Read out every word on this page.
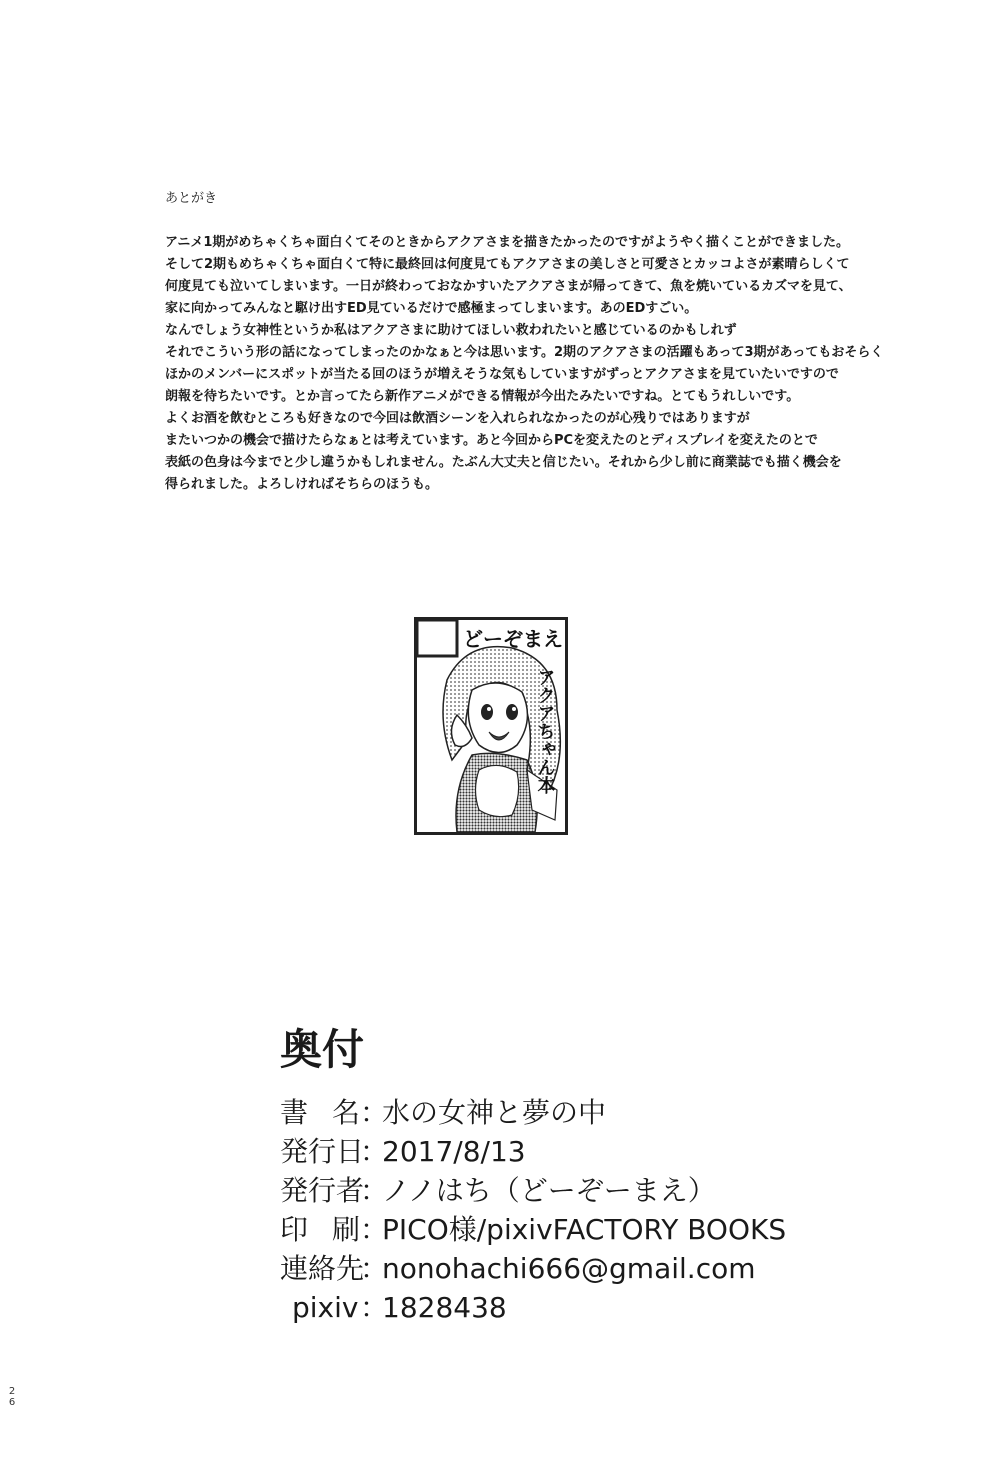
あとがき
アニメ1期がめちゃくちゃ面白くてそのときからアクアさまを描きたかったのですがようやく描くことができました。
そして2期もめちゃくちゃ面白くて特に最終回は何度見てもアクアさまの美しさと可愛さとカッコよさが素晴らしくて
何度見ても泣いてしまいます。一日が終わっておなかすいたアクアさまが帰ってきて、魚を焼いているカズマを見て、
家に向かってみんなと駆け出すED見ているだけで感極まってしまいます。あのEDすごい。
なんでしょう女神性というか私はアクアさまに助けてほしい救われたいと感じているのかもしれず
それでこういう形の話になってしまったのかなぁと今は思います。2期のアクアさまの活躍もあって3期があってもおそらく
ほかのメンバーにスポットが当たる回のほうが増えそうな気もしていますがずっとアクアさまを見ていたいですので
朗報を待ちたいです。とか言ってたら新作アニメができる情報が今出たみたいですね。とてもうれしいです。
よくお酒を飲むところも好きなので今回は飲酒シーンを入れられなかったのが心残りではありますが
またいつかの機会で描けたらなぁとは考えています。あと今回からPCを変えたのとディスプレイを変えたのとで
表紙の色身は今までと少し違うかもしれません。たぶん大丈夫と信じたい。それから少し前に商業誌でも描く機会を
得られました。よろしければそちらのほうも。
どーぞまえ
アクアちゃん本
奥付
書 名 ：
水の女神と夢の中
発行日
：
2017/8/13
発行者
：
ノノはち（どーぞーまえ）
印 刷 ：
PICO様/pixivFACTORY BOOKS
連絡先
：
nonohachi666@gmail.com
pixiv ：
1828438
2
6
